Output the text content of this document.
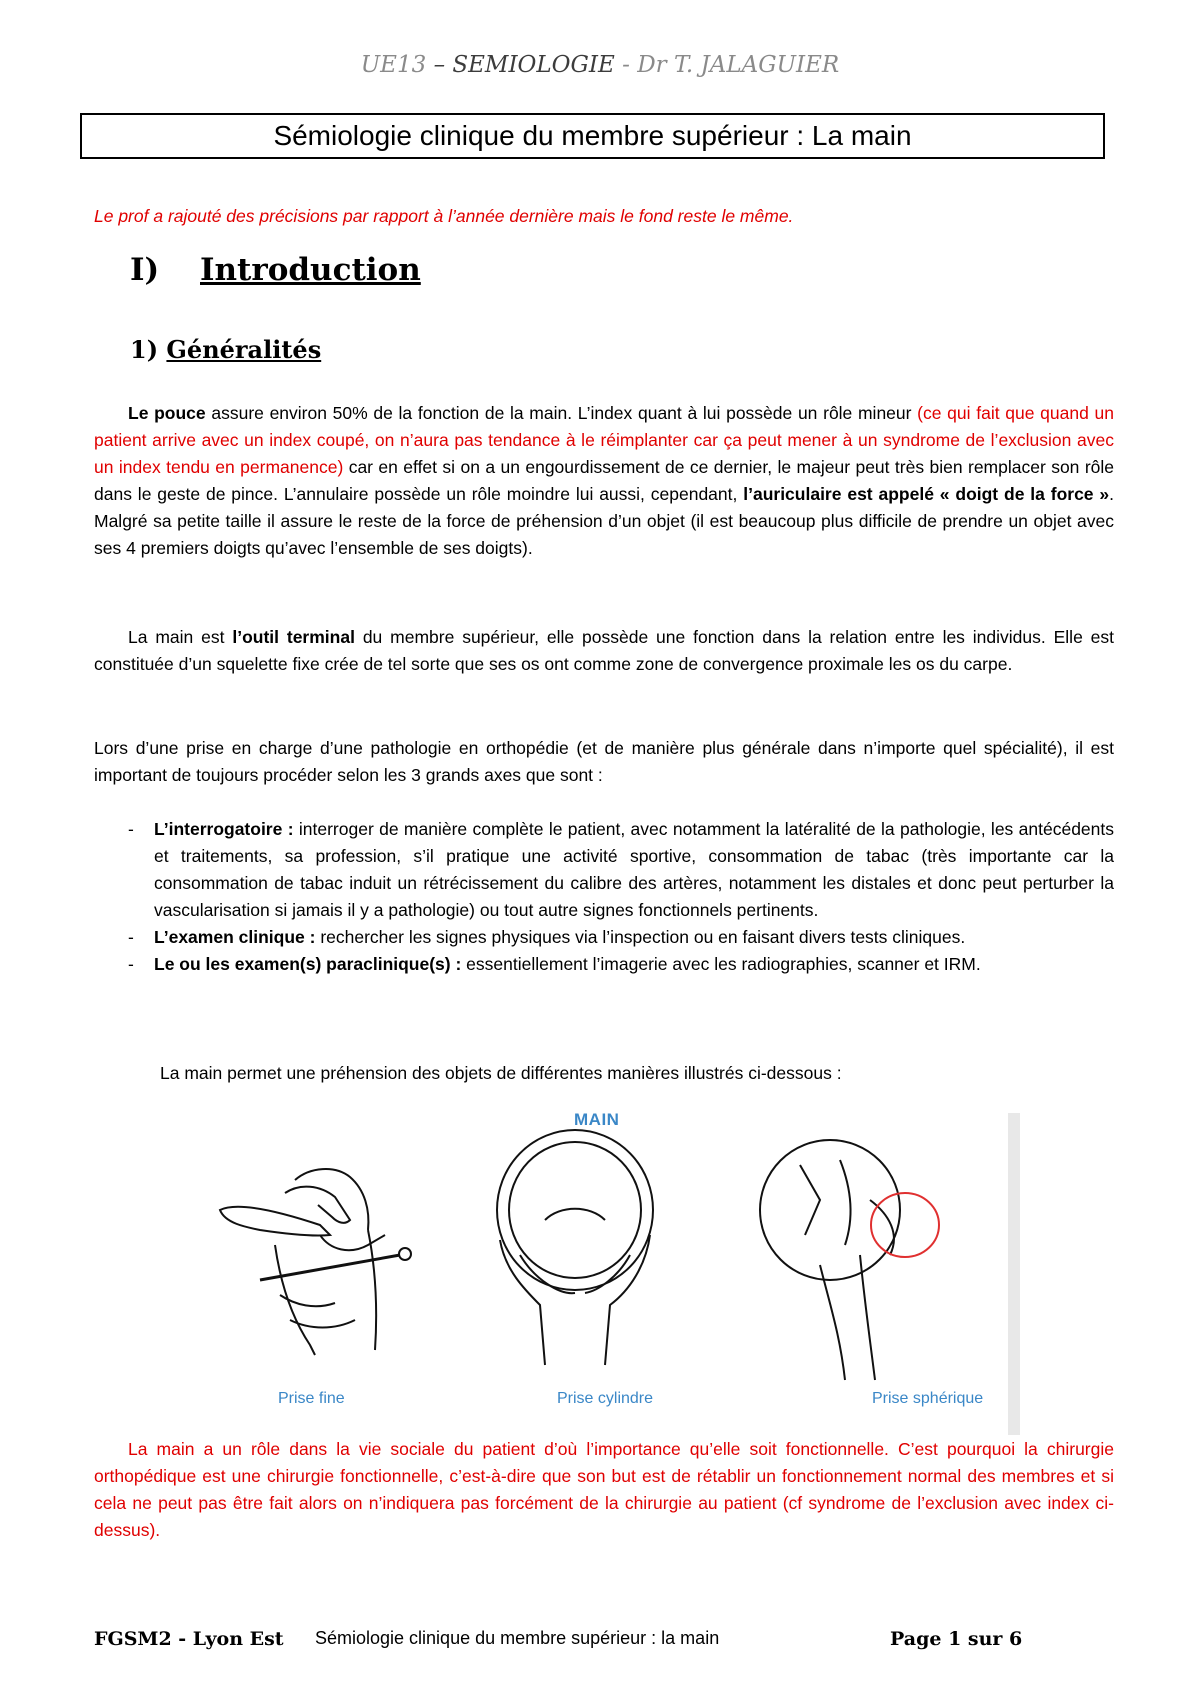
UE13 – SEMIOLOGIE - Dr T. JALAGUIER
Sémiologie clinique du membre supérieur : La main
Le prof a rajouté des précisions par rapport à l’année dernière mais le fond reste le même.
I) Introduction
1) Généralités
Le pouce assure environ 50% de la fonction de la main. L’index quant à lui possède un rôle mineur (ce qui fait que quand un patient arrive avec un index coupé, on n’aura pas tendance à le réimplanter car ça peut mener à un syndrome de l’exclusion avec un index tendu en permanence) car en effet si on a un engourdissement de ce dernier, le majeur peut très bien remplacer son rôle dans le geste de pince. L’annulaire possède un rôle moindre lui aussi, cependant, l’auriculaire est appelé « doigt de la force ». Malgré sa petite taille il assure le reste de la force de préhension d’un objet (il est beaucoup plus difficile de prendre un objet avec ses 4 premiers doigts qu’avec l’ensemble de ses doigts).
La main est l’outil terminal du membre supérieur, elle possède une fonction dans la relation entre les individus. Elle est constituée d’un squelette fixe crée de tel sorte que ses os ont comme zone de convergence proximale les os du carpe.
Lors d’une prise en charge d’une pathologie en orthopédie (et de manière plus générale dans n’importe quel spécialité), il est important de toujours procéder selon les 3 grands axes que sont :
- L’interrogatoire : interroger de manière complète le patient, avec notamment la latéralité de la pathologie, les antécédents et traitements, sa profession, s’il pratique une activité sportive, consommation de tabac (très importante car la consommation de tabac induit un rétrécissement du calibre des artères, notamment les distales et donc peut perturber la vascularisation si jamais il y a pathologie) ou tout autre signes fonctionnels pertinents.
- L’examen clinique : rechercher les signes physiques via l’inspection ou en faisant divers tests cliniques.
- Le ou les examen(s) paraclinique(s) : essentiellement l’imagerie avec les radiographies, scanner et IRM.
La main permet une préhension des objets de différentes manières illustrés ci-dessous :
MAIN
Prise fine	Prise cylindre	Prise sphérique
La main a un rôle dans la vie sociale du patient d’où l’importance qu’elle soit fonctionnelle. C’est pourquoi la chirurgie orthopédique est une chirurgie fonctionnelle, c’est-à-dire que son but est de rétablir un fonctionnement normal des membres et si cela ne peut pas être fait alors on n’indiquera pas forcément de la chirurgie au patient (cf syndrome de l’exclusion avec index ci-dessus).
FGSM2 - Lyon Est Sémiologie clinique du membre supérieur : la main	Page 1 sur 6
